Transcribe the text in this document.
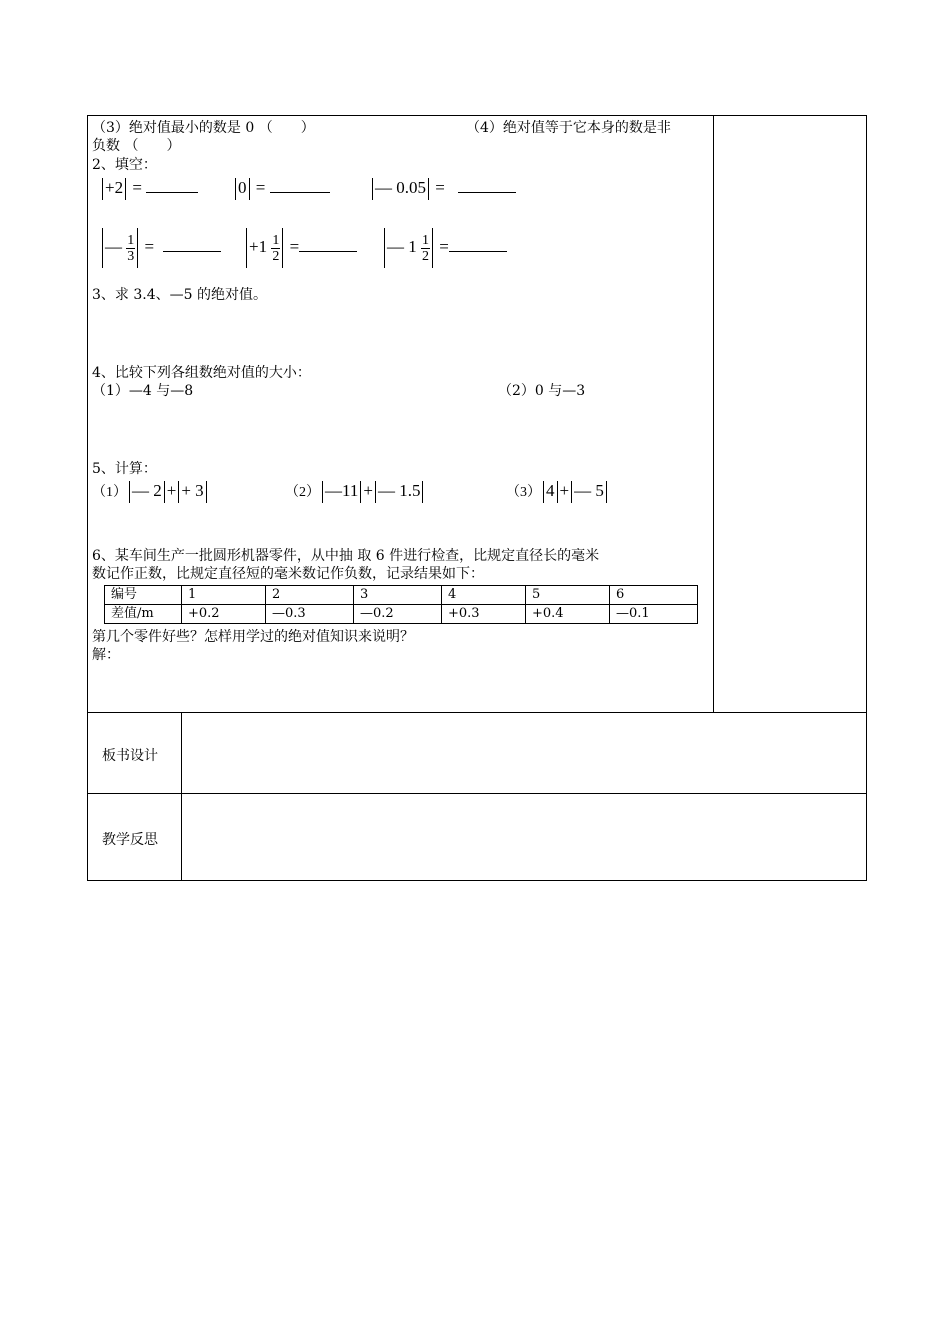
（3）绝对值最小的数是 0 （　　）	（4）绝对值等于它本身的数是非
负数 （　　）
2、填空：
+2 =	0 =	— 0.05 =
— $\frac{1}{3}$ =	$+1 \frac{1}{2}$ =	— $1 \frac{1}{2}$ =
3、求 3.4、—5 的绝对值。
4、比较下列各组数绝对值的大小：
（1）—4 与—8	（2）0 与—3
5、计算：
（1） — 2 + + 3	（2） —11 + — 1.5	（3） 4 + — 5
6、某车间生产一批圆形机器零件，从中抽 取 6 件进行检查，比规定直径长的毫米
数记作正数，比规定直径短的毫米数记作负数，记录结果如下：
编号	1	2	3	4	5	6
差值/m	+0.2	—0.3	—0.2	+0.3	+0.4	—0.1
第几个零件好些？怎样用学过的绝对值知识来说明？
解：
板书设计
教学反思
